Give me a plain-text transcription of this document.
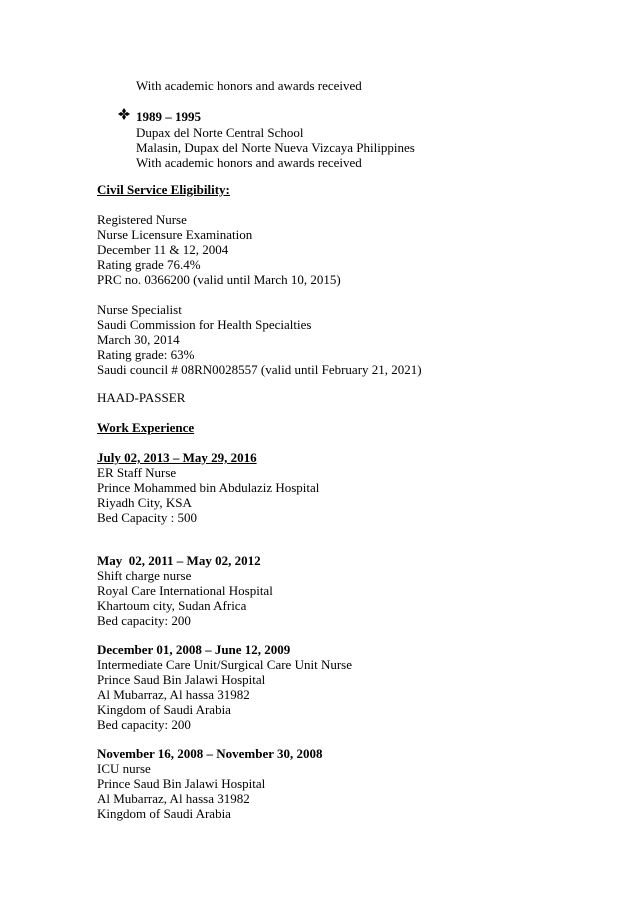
With academic honors and awards received
1989 – 1995
Dupax del Norte Central School
Malasin, Dupax del Norte Nueva Vizcaya Philippines
With academic honors and awards received
Civil Service Eligibility:
Registered Nurse
Nurse Licensure Examination
December 11 & 12, 2004
Rating grade 76.4%
PRC no. 0366200 (valid until March 10, 2015)
Nurse Specialist
Saudi Commission for Health Specialties
March 30, 2014
Rating grade: 63%
Saudi council # 08RN0028557 (valid until February 21, 2021)
HAAD-PASSER
Work Experience
July 02, 2013 – May 29, 2016
ER Staff Nurse
Prince Mohammed bin Abdulaziz Hospital
Riyadh City, KSA
Bed Capacity : 500
May  02, 2011 – May 02, 2012
Shift charge nurse
Royal Care International Hospital
Khartoum city, Sudan Africa
Bed capacity: 200
December 01, 2008 – June 12, 2009
Intermediate Care Unit/Surgical Care Unit Nurse
Prince Saud Bin Jalawi Hospital
Al Mubarraz, Al hassa 31982
Kingdom of Saudi Arabia
Bed capacity: 200
November 16, 2008 – November 30, 2008
ICU nurse
Prince Saud Bin Jalawi Hospital
Al Mubarraz, Al hassa 31982
Kingdom of Saudi Arabia
